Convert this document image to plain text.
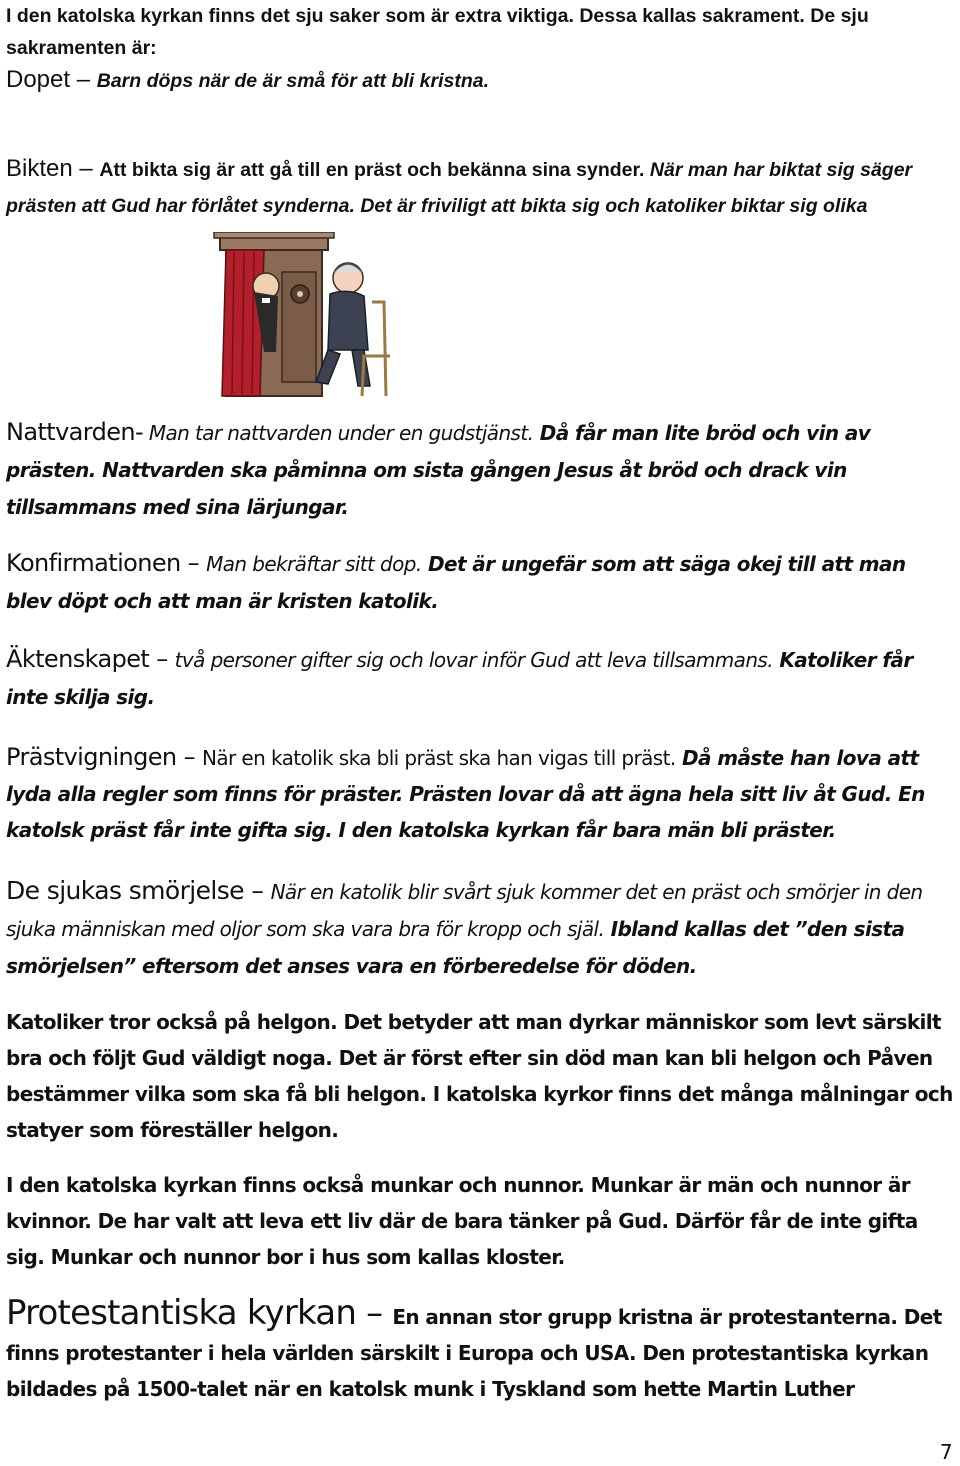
I den katolska kyrkan finns det sju saker som är extra viktiga. Dessa kallas sakrament. De sju sakramenten är:

Dopet – Barn döps när de är små för att bli kristna.

Bikten – Att bikta sig är att gå till en präst och bekänna sina synder. När man har biktat sig säger prästen att Gud har förlåtet synderna. Det är friviligt att bikta sig och katoliker biktar sig olika

Nattvarden- Man tar nattvarden under en gudstjänst. Då får man lite bröd och vin av prästen. Nattvarden ska påminna om sista gången Jesus åt bröd och drack vin tillsammans med sina lärjungar.

Konfirmationen – Man bekräftar sitt dop. Det är ungefär som att säga okej till att man blev döpt och att man är kristen katolik.

Äktenskapet – två personer gifter sig och lovar inför Gud att leva tillsammans. Katoliker får inte skilja sig.

Prästvigningen – När en katolik ska bli präst ska han vigas till präst. Då måste han lova att lyda alla regler som finns för präster. Prästen lovar då att ägna hela sitt liv åt Gud. En katolsk präst får inte gifta sig. I den katolska kyrkan får bara män bli präster.

De sjukas smörjelse – När en katolik blir svårt sjuk kommer det en präst och smörjer in den sjuka människan med oljor som ska vara bra för kropp och själ. Ibland kallas det ”den sista smörjelsen” eftersom det anses vara en förberedelse för döden.

Katoliker tror också på helgon. Det betyder att man dyrkar människor som levt särskilt bra och följt Gud väldigt noga. Det är först efter sin död man kan bli helgon och Påven bestämmer vilka som ska få bli helgon. I katolska kyrkor finns det många målningar och statyer som föreställer helgon.

I den katolska kyrkan finns också munkar och nunnor. Munkar är män och nunnor är kvinnor. De har valt att leva ett liv där de bara tänker på Gud. Därför får de inte gifta sig. Munkar och nunnor bor i hus som kallas kloster.

Protestantiska kyrkan – En annan stor grupp kristna är protestanterna. Det finns protestanter i hela världen särskilt i Europa och USA. Den protestantiska kyrkan bildades på 1500-talet när en katolsk munk i Tyskland som hette Martin Luther

7
